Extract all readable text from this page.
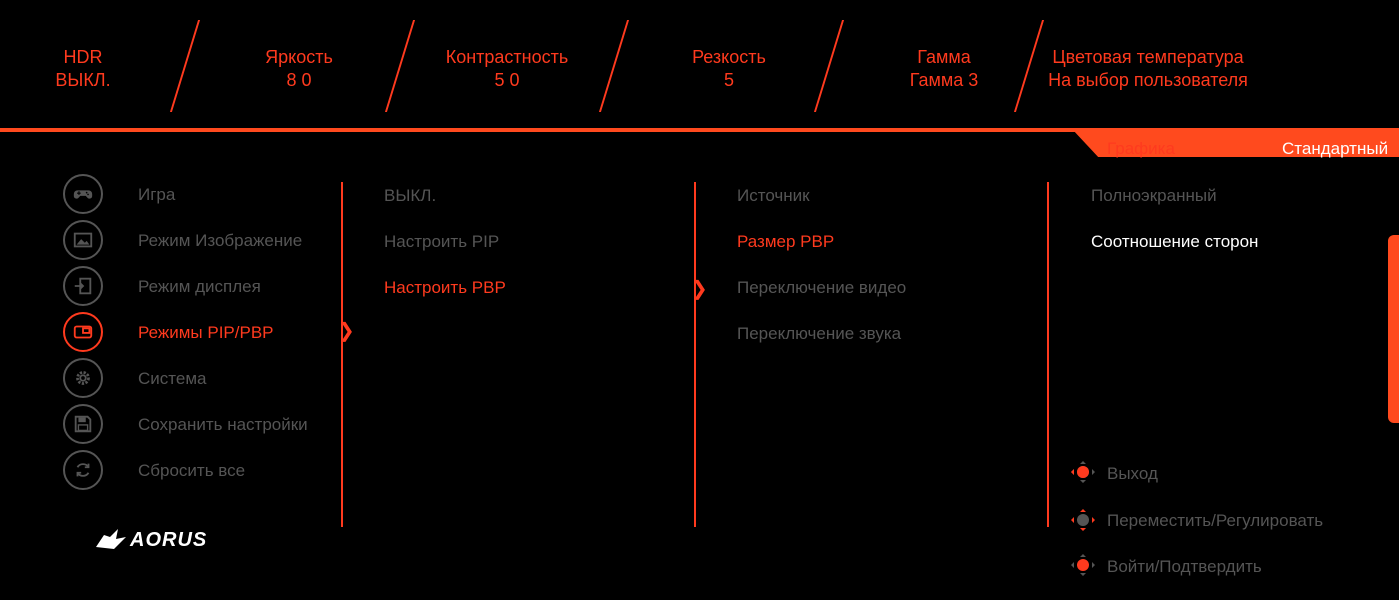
HDR
ВЫКЛ.
Яркость
8 0
Контрастность
5 0
Резкость
5
Гамма
Гамма 3
Цветовая температура
На выбор пользователя
Графика	Стандартный
Игра
Режим Изображение
Режим дисплея
Режимы PIP/PBP
Система
Сохранить настройки
Сбросить все
AORUS
❯
❯
ВЫКЛ.
Настроить PIP
Настроить PBP
Источник
Размер PBP
Переключение видео
Переключение звука
Полноэкранный
Соотношение сторон
Выход
Переместить/Регулировать
Войти/Подтвердить
